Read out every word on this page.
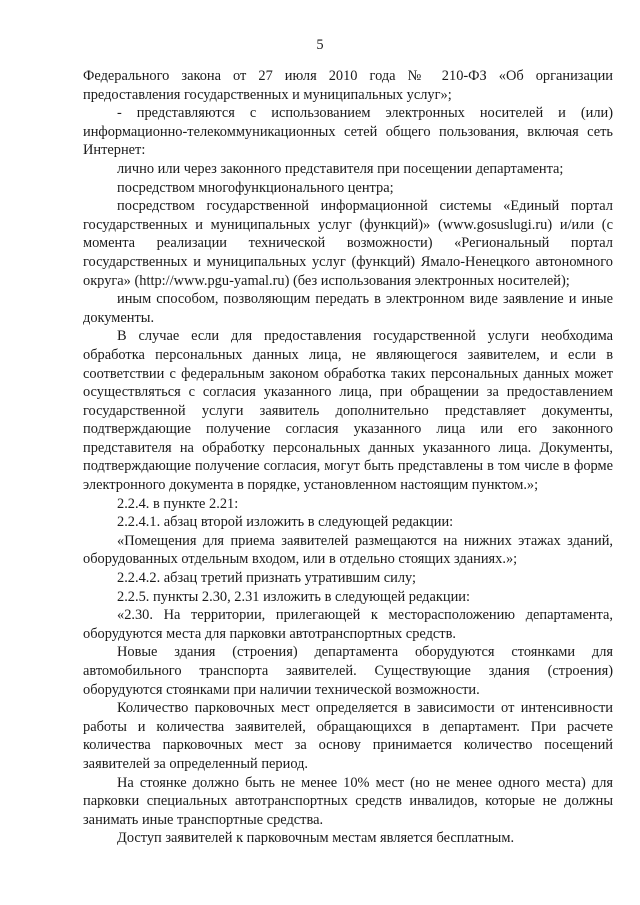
5

Федерального закона от 27 июля 2010 года № 210-ФЗ «Об организации предоставления государственных и муниципальных услуг»;

- представляются с использованием электронных носителей и (или) информационно-телекоммуникационных сетей общего пользования, включая сеть Интернет:

лично или через законного представителя при посещении департамента;

посредством многофункционального центра;

посредством государственной информационной системы «Единый портал государственных и муниципальных услуг (функций)» (www.gosuslugi.ru) и/или (с момента реализации технической возможности) «Региональный портал государственных и муниципальных услуг (функций) Ямало-Ненецкого автономного округа» (http://www.pgu-yamal.ru) (без использования электронных носителей);

иным способом, позволяющим передать в электронном виде заявление и иные документы.

В случае если для предоставления государственной услуги необходима обработка персональных данных лица, не являющегося заявителем, и если в соответствии с федеральным законом обработка таких персональных данных может осуществляться с согласия указанного лица, при обращении за предоставлением государственной услуги заявитель дополнительно представляет документы, подтверждающие получение согласия указанного лица или его законного представителя на обработку персональных данных указанного лица. Документы, подтверждающие получение согласия, могут быть представлены в том числе в форме электронного документа в порядке, установленном настоящим пунктом.»;

2.2.4. в пункте 2.21:

2.2.4.1. абзац второй изложить в следующей редакции:

«Помещения для приема заявителей размещаются на нижних этажах зданий, оборудованных отдельным входом, или в отдельно стоящих зданиях.»;

2.2.4.2. абзац третий признать утратившим силу;

2.2.5. пункты 2.30, 2.31 изложить в следующей редакции:

«2.30. На территории, прилегающей к месторасположению департамента, оборудуются места для парковки автотранспортных средств.

Новые здания (строения) департамента оборудуются стоянками для автомобильного транспорта заявителей. Существующие здания (строения) оборудуются стоянками при наличии технической возможности.

Количество парковочных мест определяется в зависимости от интенсивности работы и количества заявителей, обращающихся в департамент. При расчете количества парковочных мест за основу принимается количество посещений заявителей за определенный период.

На стоянке должно быть не менее 10% мест (но не менее одного места) для парковки специальных автотранспортных средств инвалидов, которые не должны занимать иные транспортные средства.

Доступ заявителей к парковочным местам является бесплатным.
